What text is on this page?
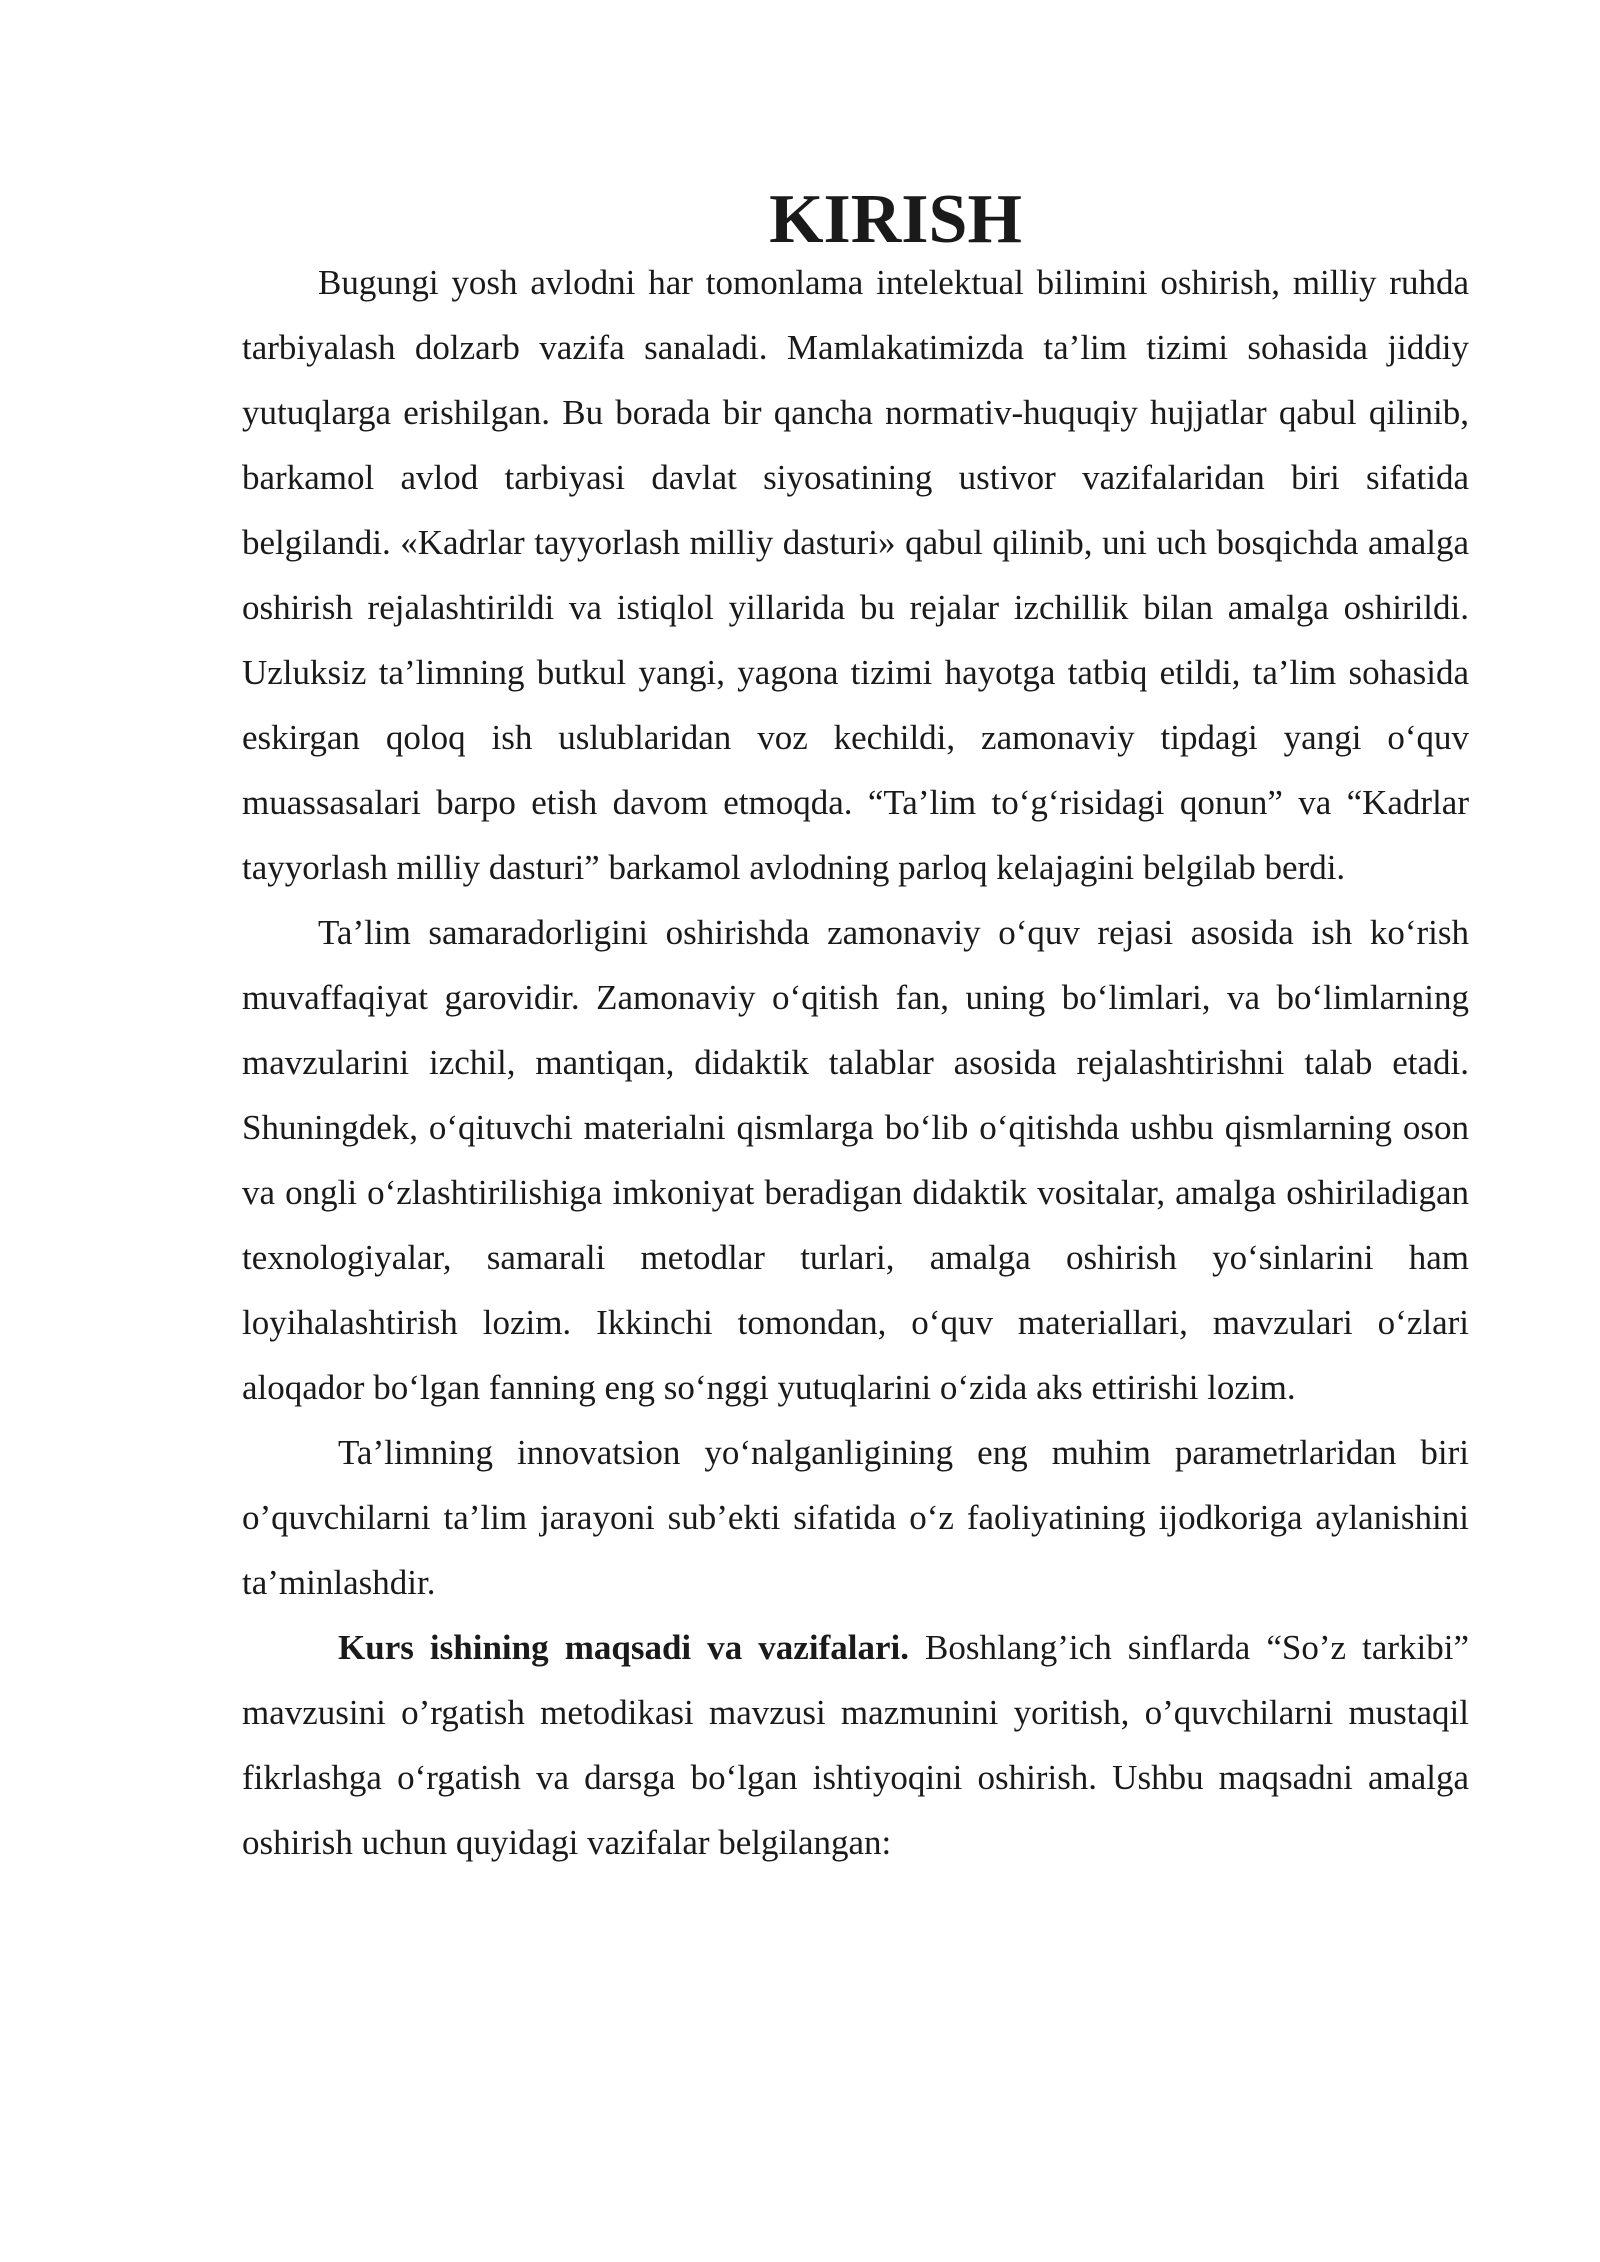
KIRISH

Bugungi yosh avlodni har tomonlama intelektual bilimini oshirish, milliy ruhda tarbiyalash dolzarb vazifa sanaladi. Mamlakatimizda ta’lim tizimi sohasida jiddiy yutuqlarga erishilgan. Bu borada bir qancha normativ-huquqiy hujjatlar qabul qilinib, barkamol avlod tarbiyasi davlat siyosatining ustivor vazifalaridan biri sifatida belgilandi. «Kadrlar tayyorlash milliy dasturi» qabul qilinib, uni uch bosqichda amalga oshirish rejalashtirildi va istiqlol yillarida bu rejalar izchillik bilan amalga oshirildi. Uzluksiz ta’limning butkul yangi, yagona tizimi hayotga tatbiq etildi, ta’lim sohasida eskirgan qoloq ish uslublaridan voz kechildi, zamonaviy tipdagi yangi o‘quv muassasalari barpo etish davom etmoqda. “Ta’lim to‘g‘risidagi qonun” va “Kadrlar tayyorlash milliy dasturi” barkamol avlodning parloq kelajagini belgilab berdi.

Ta’lim samaradorligini oshirishda zamonaviy o‘quv rejasi asosida ish ko‘rish muvaffaqiyat garovidir. Zamonaviy o‘qitish fan, uning bo‘limlari, va bo‘limlarning mavzularini izchil, mantiqan, didaktik talablar asosida rejalashtirishni talab etadi. Shuningdek, o‘qituvchi materialni qismlarga bo‘lib o‘qitishda ushbu qismlarning oson va ongli o‘zlashtirilishiga imkoniyat beradigan didaktik vositalar, amalga oshiriladigan texnologiyalar, samarali metodlar turlari, amalga oshirish yo‘sinlarini ham loyihalashtirish lozim. Ikkinchi tomondan, o‘quv materiallari, mavzulari o‘zlari aloqador bo‘lgan fanning eng so‘nggi yutuqlarini o‘zida aks ettirishi lozim.

Ta’limning innovatsion yo‘nalganligining eng muhim parametrlaridan biri o’quvchilarni ta’lim jarayoni sub’ekti sifatida o‘z faoliyatining ijodkoriga aylanishini ta’minlashdir.

Kurs ishining maqsadi va vazifalari. Boshlang’ich sinflarda “So’z tarkibi” mavzusini o’rgatish metodikasi mavzusi mazmunini yoritish, o’quvchilarni mustaqil fikrlashga o‘rgatish va darsga bo‘lgan ishtiyoqini oshirish. Ushbu maqsadni amalga oshirish uchun quyidagi vazifalar belgilangan:
